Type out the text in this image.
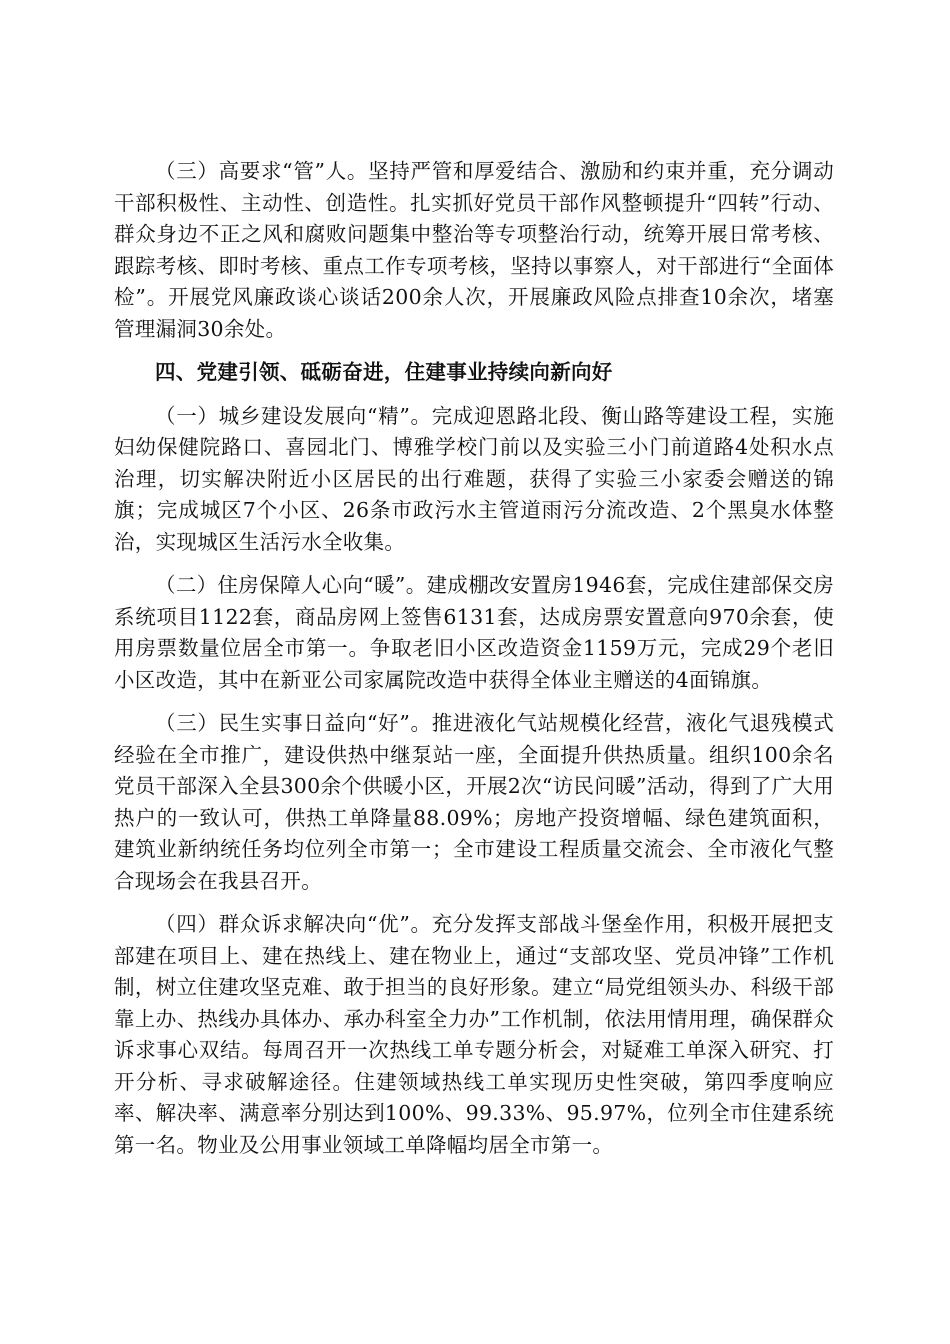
（三）高要求“管”人。坚持严管和厚爱结合、激励和约束并重，充分调动干部积极性、主动性、创造性。扎实抓好党员干部作风整顿提升“四转”行动、群众身边不正之风和腐败问题集中整治等专项整治行动，统筹开展日常考核、跟踪考核、即时考核、重点工作专项考核，坚持以事察人，对干部进行“全面体检”。开展党风廉政谈心谈话200余人次，开展廉政风险点排查10余次，堵塞管理漏洞30余处。

四、党建引领、砥砺奋进，住建事业持续向新向好

（一）城乡建设发展向“精”。完成迎恩路北段、衡山路等建设工程，实施妇幼保健院路口、喜园北门、博雅学校门前以及实验三小门前道路4处积水点治理，切实解决附近小区居民的出行难题，获得了实验三小家委会赠送的锦旗；完成城区7个小区、26条市政污水主管道雨污分流改造、2个黑臭水体整治，实现城区生活污水全收集。

（二）住房保障人心向“暖”。建成棚改安置房1946套，完成住建部保交房系统项目1122套，商品房网上签售6131套，达成房票安置意向970余套，使用房票数量位居全市第一。争取老旧小区改造资金1159万元，完成29个老旧小区改造，其中在新亚公司家属院改造中获得全体业主赠送的4面锦旗。

（三）民生实事日益向“好”。推进液化气站规模化经营，液化气退残模式经验在全市推广，建设供热中继泵站一座，全面提升供热质量。组织100余名党员干部深入全县300余个供暖小区，开展2次“访民问暖”活动，得到了广大用热户的一致认可，供热工单降量88.09%；房地产投资增幅、绿色建筑面积，建筑业新纳统任务均位列全市第一；全市建设工程质量交流会、全市液化气整合现场会在我县召开。

（四）群众诉求解决向“优”。充分发挥支部战斗堡垒作用，积极开展把支部建在项目上、建在热线上、建在物业上，通过“支部攻坚、党员冲锋”工作机制，树立住建攻坚克难、敢于担当的良好形象。建立“局党组领头办、科级干部靠上办、热线办具体办、承办科室全力办”工作机制，依法用情用理，确保群众诉求事心双结。每周召开一次热线工单专题分析会，对疑难工单深入研究、打开分析、寻求破解途径。住建领域热线工单实现历史性突破，第四季度响应率、解决率、满意率分别达到100%、99.33%、95.97%，位列全市住建系统第一名。物业及公用事业领域工单降幅均居全市第一。
